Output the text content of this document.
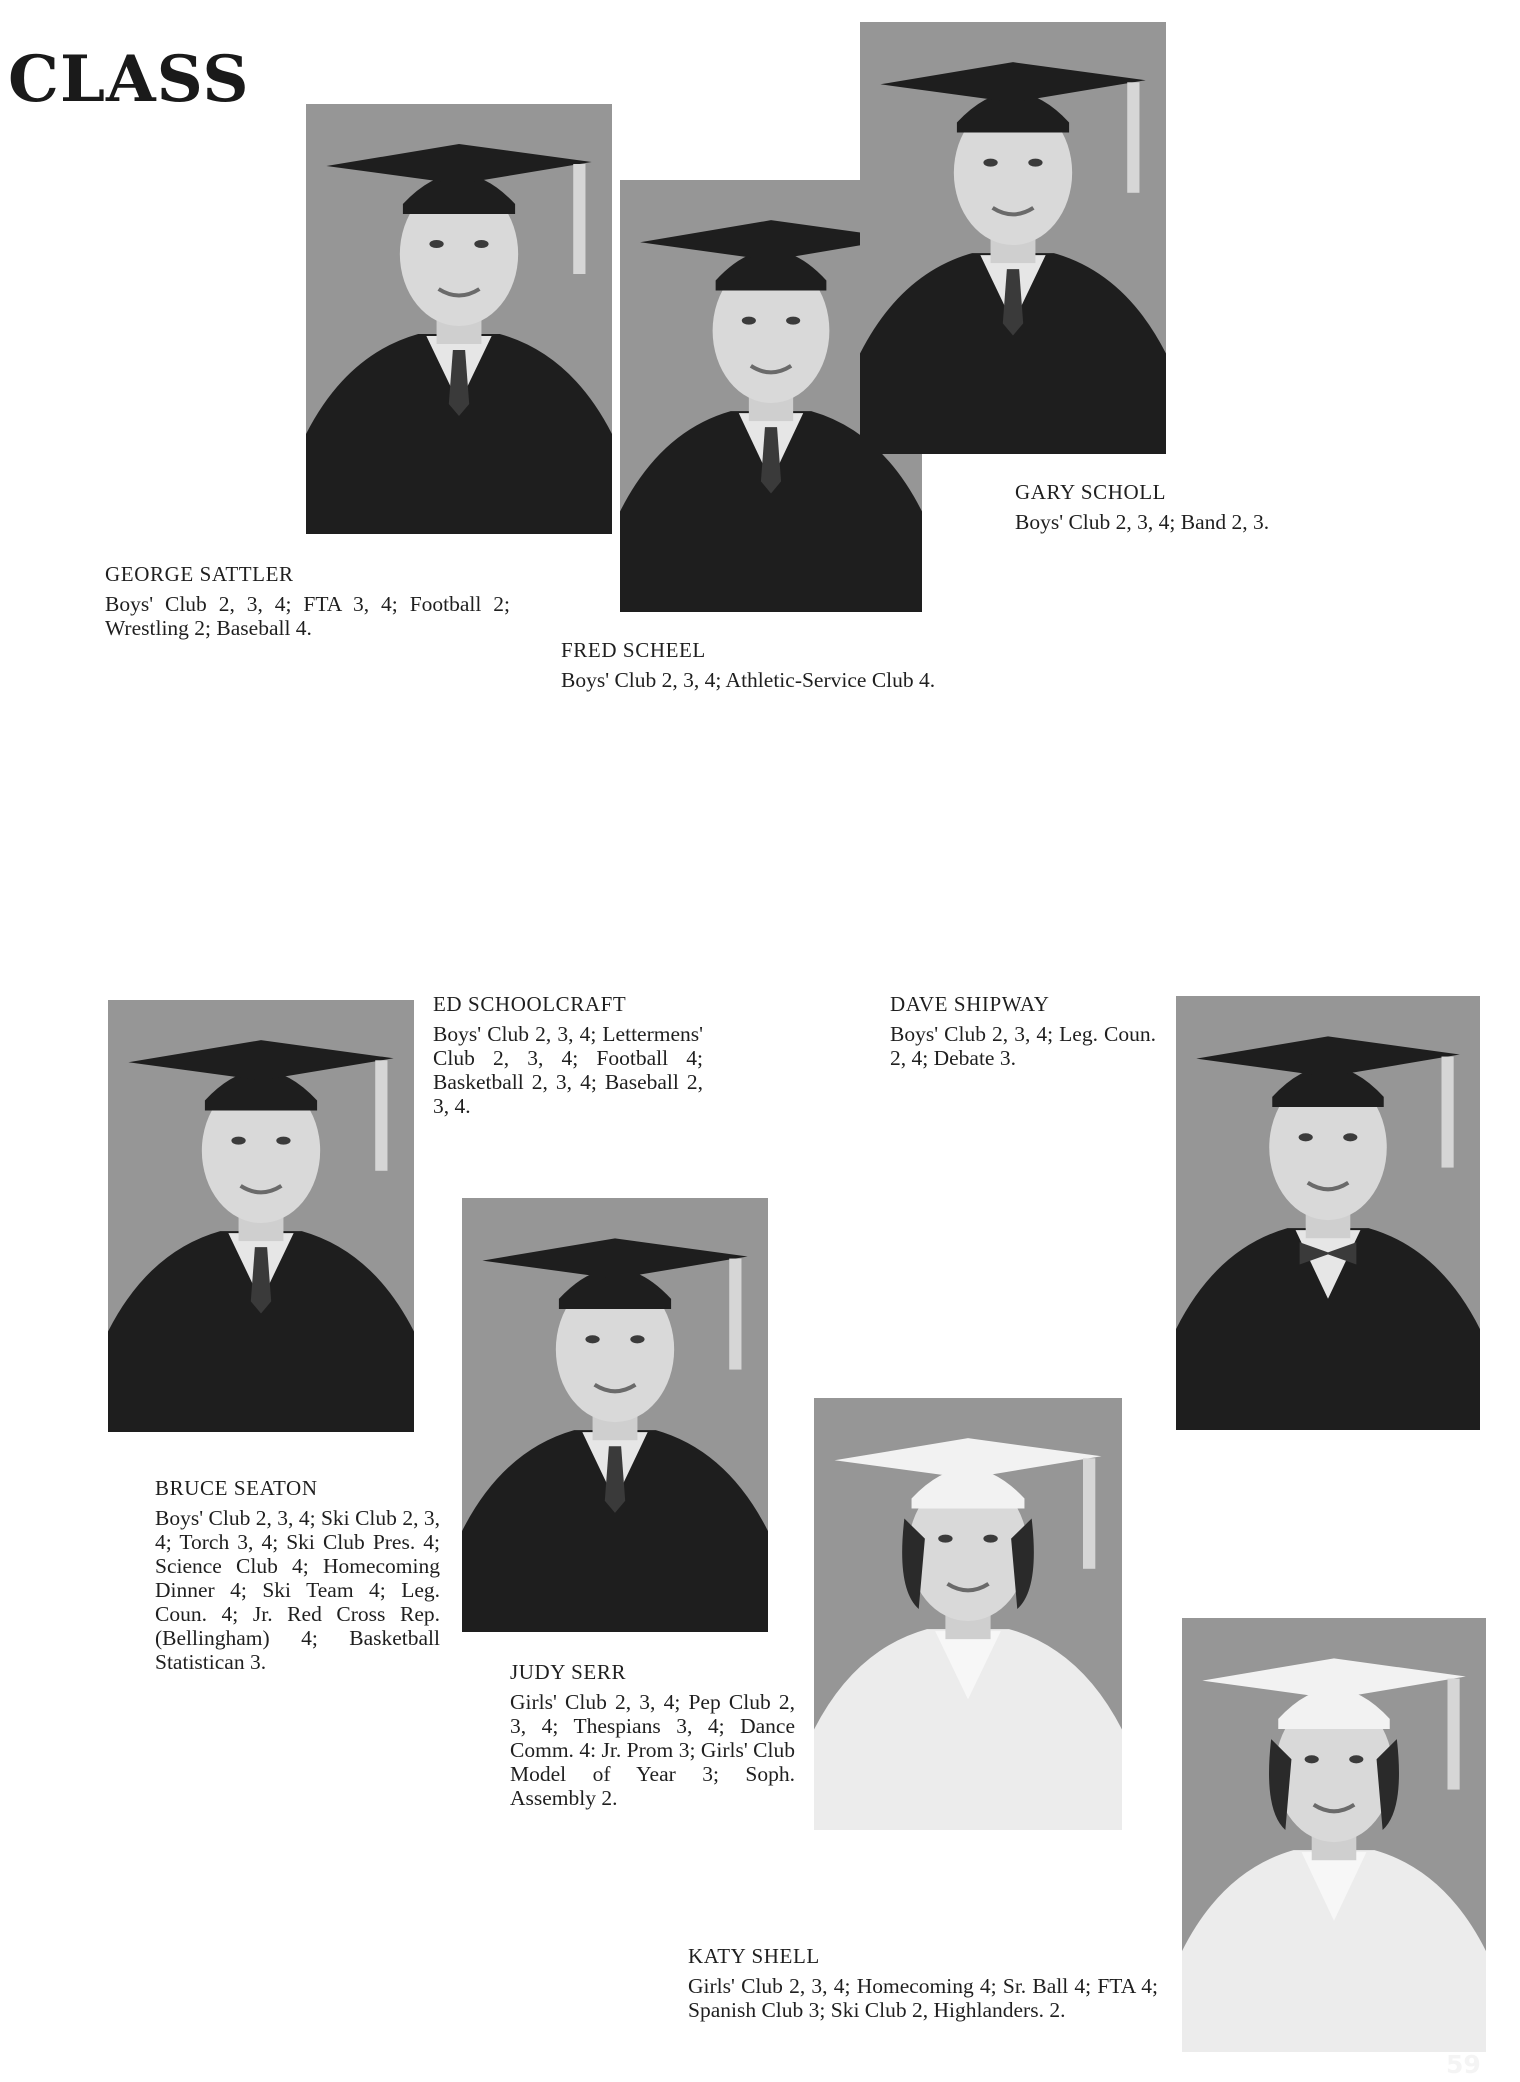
CLASS
GEORGE SATTLER
Boys' Club 2, 3, 4; FTA 3, 4; Football 2; Wrestling 2; Baseball 4.
FRED SCHEEL
Boys' Club 2, 3, 4; Athletic-Service Club 4.
GARY SCHOLL
Boys' Club 2, 3, 4; Band 2, 3.
ED SCHOOLCRAFT
Boys' Club 2, 3, 4; Lettermens' Club 2, 3, 4; Football 4; Basketball 2, 3, 4; Baseball 2, 3, 4.
DAVE SHIPWAY
Boys' Club 2, 3, 4; Leg. Coun. 2, 4; Debate 3.
BRUCE SEATON
Boys' Club 2, 3, 4; Ski Club 2, 3, 4; Torch 3, 4; Ski Club Pres. 4; Science Club 4; Homecoming Dinner 4; Ski Team 4; Leg. Coun. 4; Jr. Red Cross Rep. (Bellingham) 4; Basketball Statistican 3.	JUDY SERR
Girls' Club 2, 3, 4; Pep Club 2, 3, 4; Thespians 3, 4; Dance Comm. 4: Jr. Prom 3; Girls' Club Model of Year 3; Soph. Assembly 2.
KATY SHELL
Girls' Club 2, 3, 4; Homecoming 4; Sr. Ball 4; FTA 4; Spanish Club 3; Ski Club 2, Highlanders. 2.
59
